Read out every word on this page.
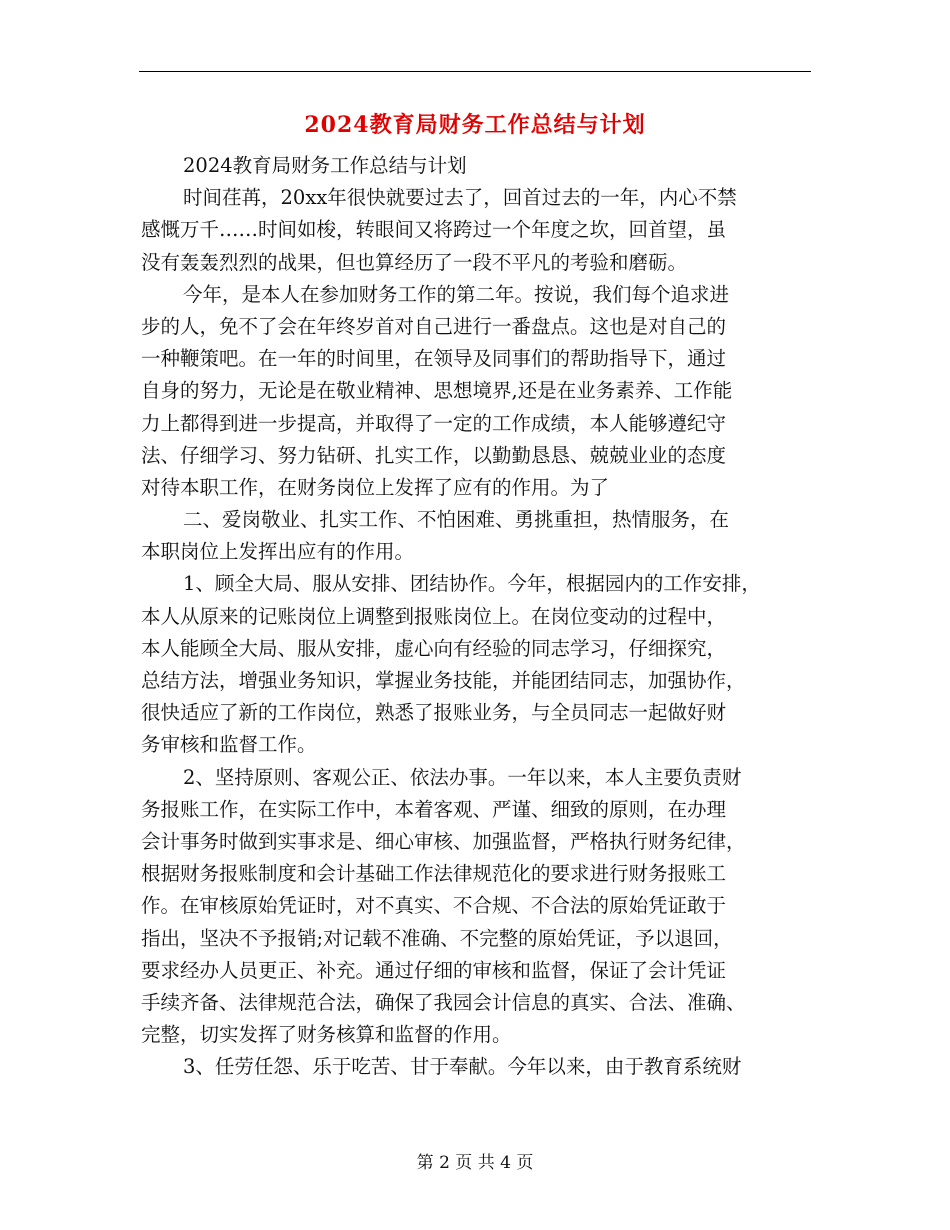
2024教育局财务工作总结与计划
2024教育局财务工作总结与计划
时间荏苒，20xx年很快就要过去了，回首过去的一年，内心不禁
感慨万千……时间如梭，转眼间又将跨过一个年度之坎，回首望，虽
没有轰轰烈烈的战果，但也算经历了一段不平凡的考验和磨砺。
今年，是本人在参加财务工作的第二年。按说，我们每个追求进
步的人，免不了会在年终岁首对自己进行一番盘点。这也是对自己的
一种鞭策吧。在一年的时间里，在领导及同事们的帮助指导下，通过
自身的努力，无论是在敬业精神、思想境界,还是在业务素养、工作能
力上都得到进一步提高，并取得了一定的工作成绩，本人能够遵纪守
法、仔细学习、努力钻研、扎实工作，以勤勤恳恳、兢兢业业的态度
对待本职工作，在财务岗位上发挥了应有的作用。为了
二、爱岗敬业、扎实工作、不怕困难、勇挑重担，热情服务，在
本职岗位上发挥出应有的作用。
1、顾全大局、服从安排、团结协作。今年，根据园内的工作安排，
本人从原来的记账岗位上调整到报账岗位上。在岗位变动的过程中，
本人能顾全大局、服从安排，虚心向有经验的同志学习，仔细探究，
总结方法，增强业务知识，掌握业务技能，并能团结同志，加强协作，
很快适应了新的工作岗位，熟悉了报账业务，与全员同志一起做好财
务审核和监督工作。
2、坚持原则、客观公正、依法办事。一年以来，本人主要负责财
务报账工作，在实际工作中，本着客观、严谨、细致的原则，在办理
会计事务时做到实事求是、细心审核、加强监督，严格执行财务纪律，
根据财务报账制度和会计基础工作法律规范化的要求进行财务报账工
作。在审核原始凭证时，对不真实、不合规、不合法的原始凭证敢于
指出，坚决不予报销;对记载不准确、不完整的原始凭证，予以退回，
要求经办人员更正、补充。通过仔细的审核和监督，保证了会计凭证
手续齐备、法律规范合法，确保了我园会计信息的真实、合法、准确、
完整，切实发挥了财务核算和监督的作用。
3、任劳任怨、乐于吃苦、甘于奉献。今年以来，由于教育系统财
第 2 页 共 4 页
